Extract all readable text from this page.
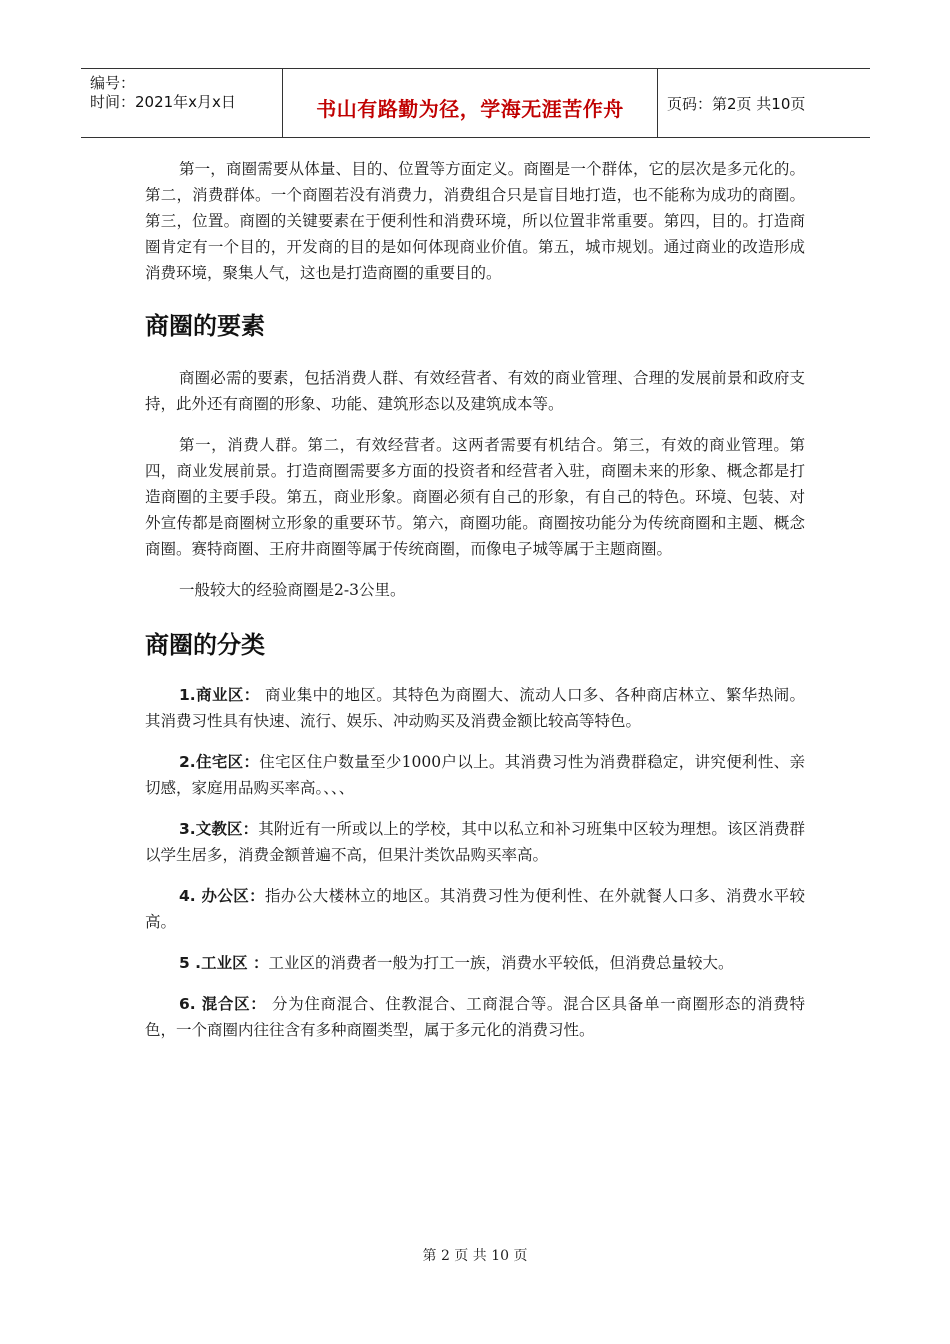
编号：
时间：2021年x月x日	书山有路勤为径，学海无涯苦作舟	页码：第2页 共10页

第一，商圈需要从体量、目的、位置等方面定义。商圈是一个群体，它的层次是多元化的。第二，消费群体。一个商圈若没有消费力，消费组合只是盲目地打造，也不能称为成功的商圈。第三，位置。商圈的关键要素在于便利性和消费环境，所以位置非常重要。第四，目的。打造商圈肯定有一个目的，开发商的目的是如何体现商业价值。第五，城市规划。通过商业的改造形成消费环境，聚集人气，这也是打造商圈的重要目的。

商圈的要素

商圈必需的要素，包括消费人群、有效经营者、有效的商业管理、合理的发展前景和政府支持，此外还有商圈的形象、功能、建筑形态以及建筑成本等。

第一，消费人群。第二，有效经营者。这两者需要有机结合。第三，有效的商业管理。第四，商业发展前景。打造商圈需要多方面的投资者和经营者入驻，商圈未来的形象、概念都是打造商圈的主要手段。第五，商业形象。商圈必须有自己的形象，有自己的特色。环境、包装、对外宣传都是商圈树立形象的重要环节。第六，商圈功能。商圈按功能分为传统商圈和主题、概念商圈。赛特商圈、王府井商圈等属于传统商圈，而像电子城等属于主题商圈。

一般较大的经验商圈是2-3公里。

商圈的分类

1.商业区： 商业集中的地区。其特色为商圈大、流动人口多、各种商店林立、繁华热闹。其消费习性具有快速、流行、娱乐、冲动购买及消费金额比较高等特色。

2.住宅区：住宅区住户数量至少1000户以上。其消费习性为消费群稳定，讲究便利性、亲切感，家庭用品购买率高。、、、

3.文教区：其附近有一所或以上的学校，其中以私立和补习班集中区较为理想。该区消费群以学生居多，消费金额普遍不高，但果汁类饮品购买率高。

4. 办公区：指办公大楼林立的地区。其消费习性为便利性、在外就餐人口多、消费水平较高。

5 .工业区 ：工业区的消费者一般为打工一族，消费水平较低，但消费总量较大。

6. 混合区： 分为住商混合、住教混合、工商混合等。混合区具备单一商圈形态的消费特色，一个商圈内往往含有多种商圈类型，属于多元化的消费习性。

第 2 页 共 10 页
